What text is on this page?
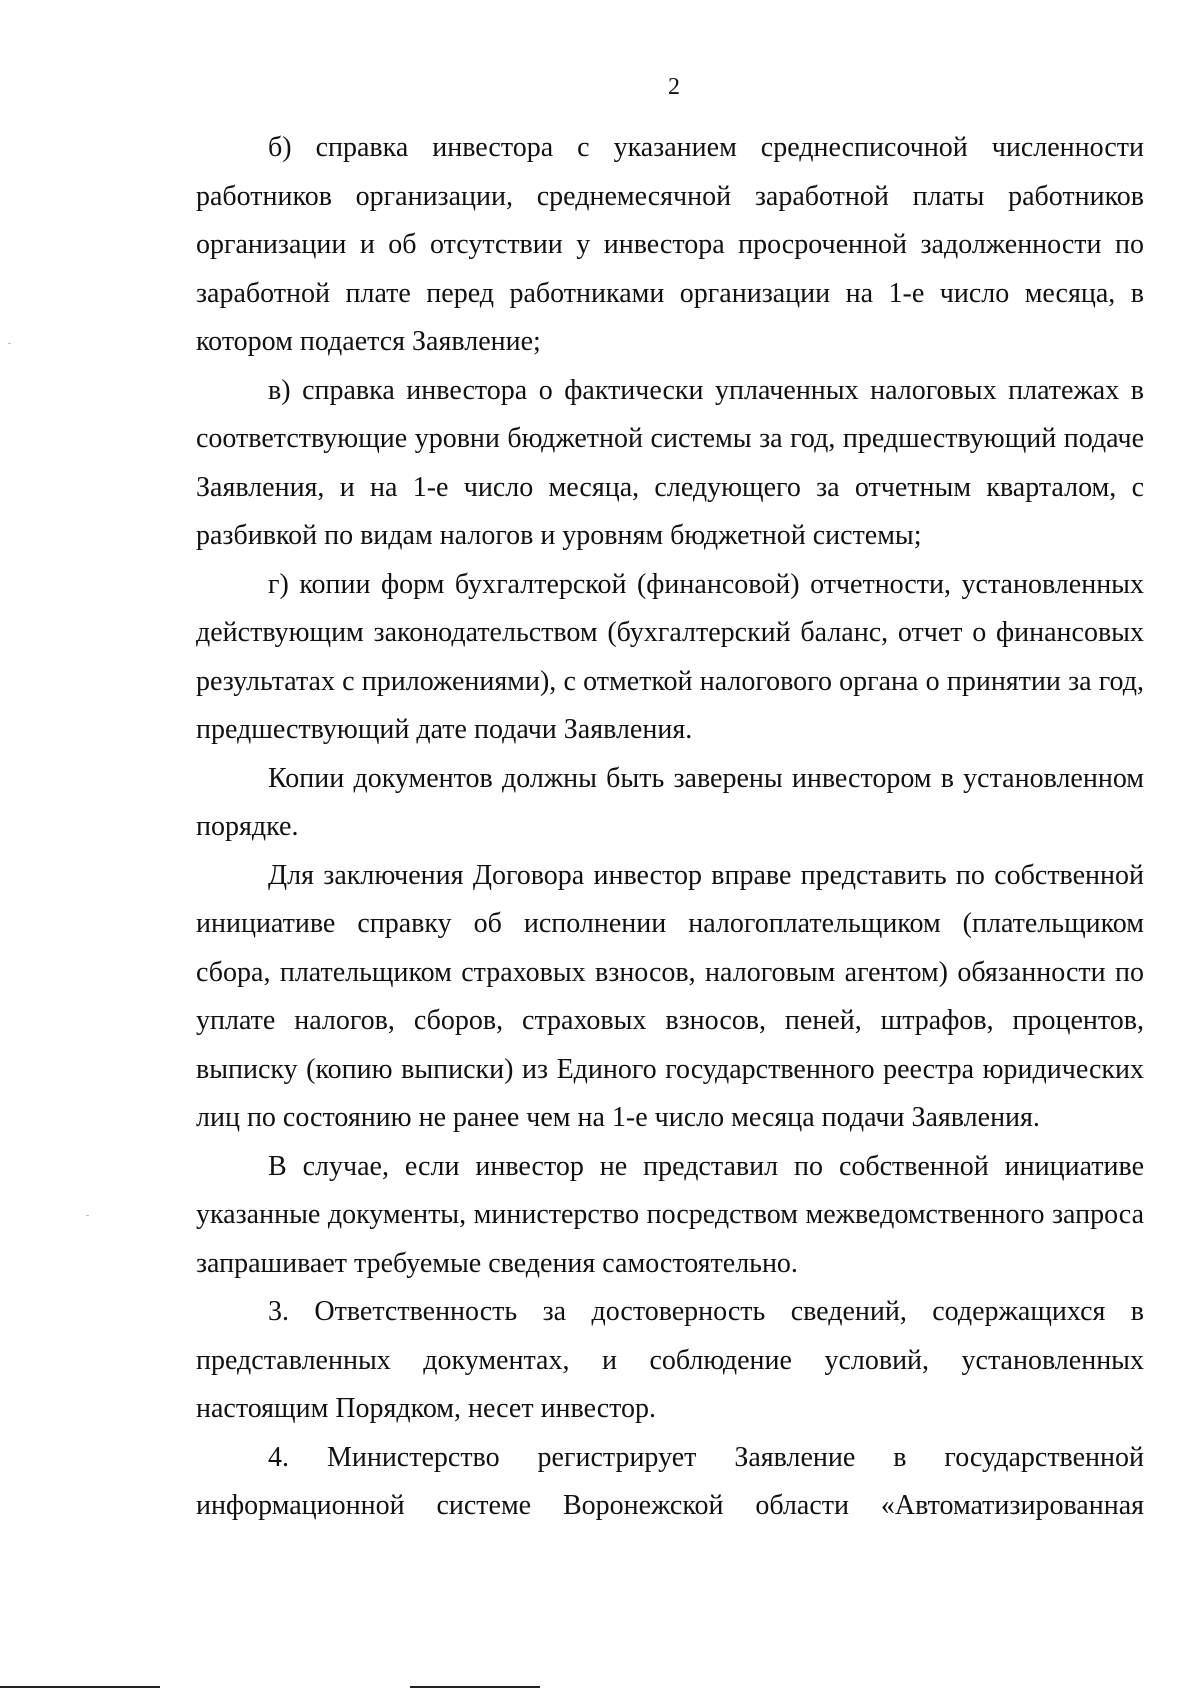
2

б) справка инвестора с указанием среднесписочной численности работников организации, среднемесячной заработной платы работников организации и об отсутствии у инвестора просроченной задолженности по заработной плате перед работниками организации на 1-е число месяца, в котором подается Заявление;

в) справка инвестора о фактически уплаченных налоговых платежах в соответствующие уровни бюджетной системы за год, предшествующий подаче Заявления, и на 1-е число месяца, следующего за отчетным кварталом, с разбивкой по видам налогов и уровням бюджетной системы;

г) копии форм бухгалтерской (финансовой) отчетности, установленных действующим законодательством (бухгалтерский баланс, отчет о финансовых результатах с приложениями), с отметкой налогового органа о принятии за год, предшествующий дате подачи Заявления.

Копии документов должны быть заверены инвестором в установленном порядке.

Для заключения Договора инвестор вправе представить по собственной инициативе справку об исполнении налогоплательщиком (плательщиком сбора, плательщиком страховых взносов, налоговым агентом) обязанности по уплате налогов, сборов, страховых взносов, пеней, штрафов, процентов, выписку (копию выписки) из Единого государственного реестра юридических лиц по состоянию не ранее чем на 1-е число месяца подачи Заявления.

В случае, если инвестор не представил по собственной инициативе указанные документы, министерство посредством межведомственного запроса запрашивает требуемые сведения самостоятельно.

3. Ответственность за достоверность сведений, содержащихся в представленных документах, и соблюдение условий, установленных настоящим Порядком, несет инвестор.

4. Министерство регистрирует Заявление в государственной информационной системе Воронежской области «Автоматизированная
